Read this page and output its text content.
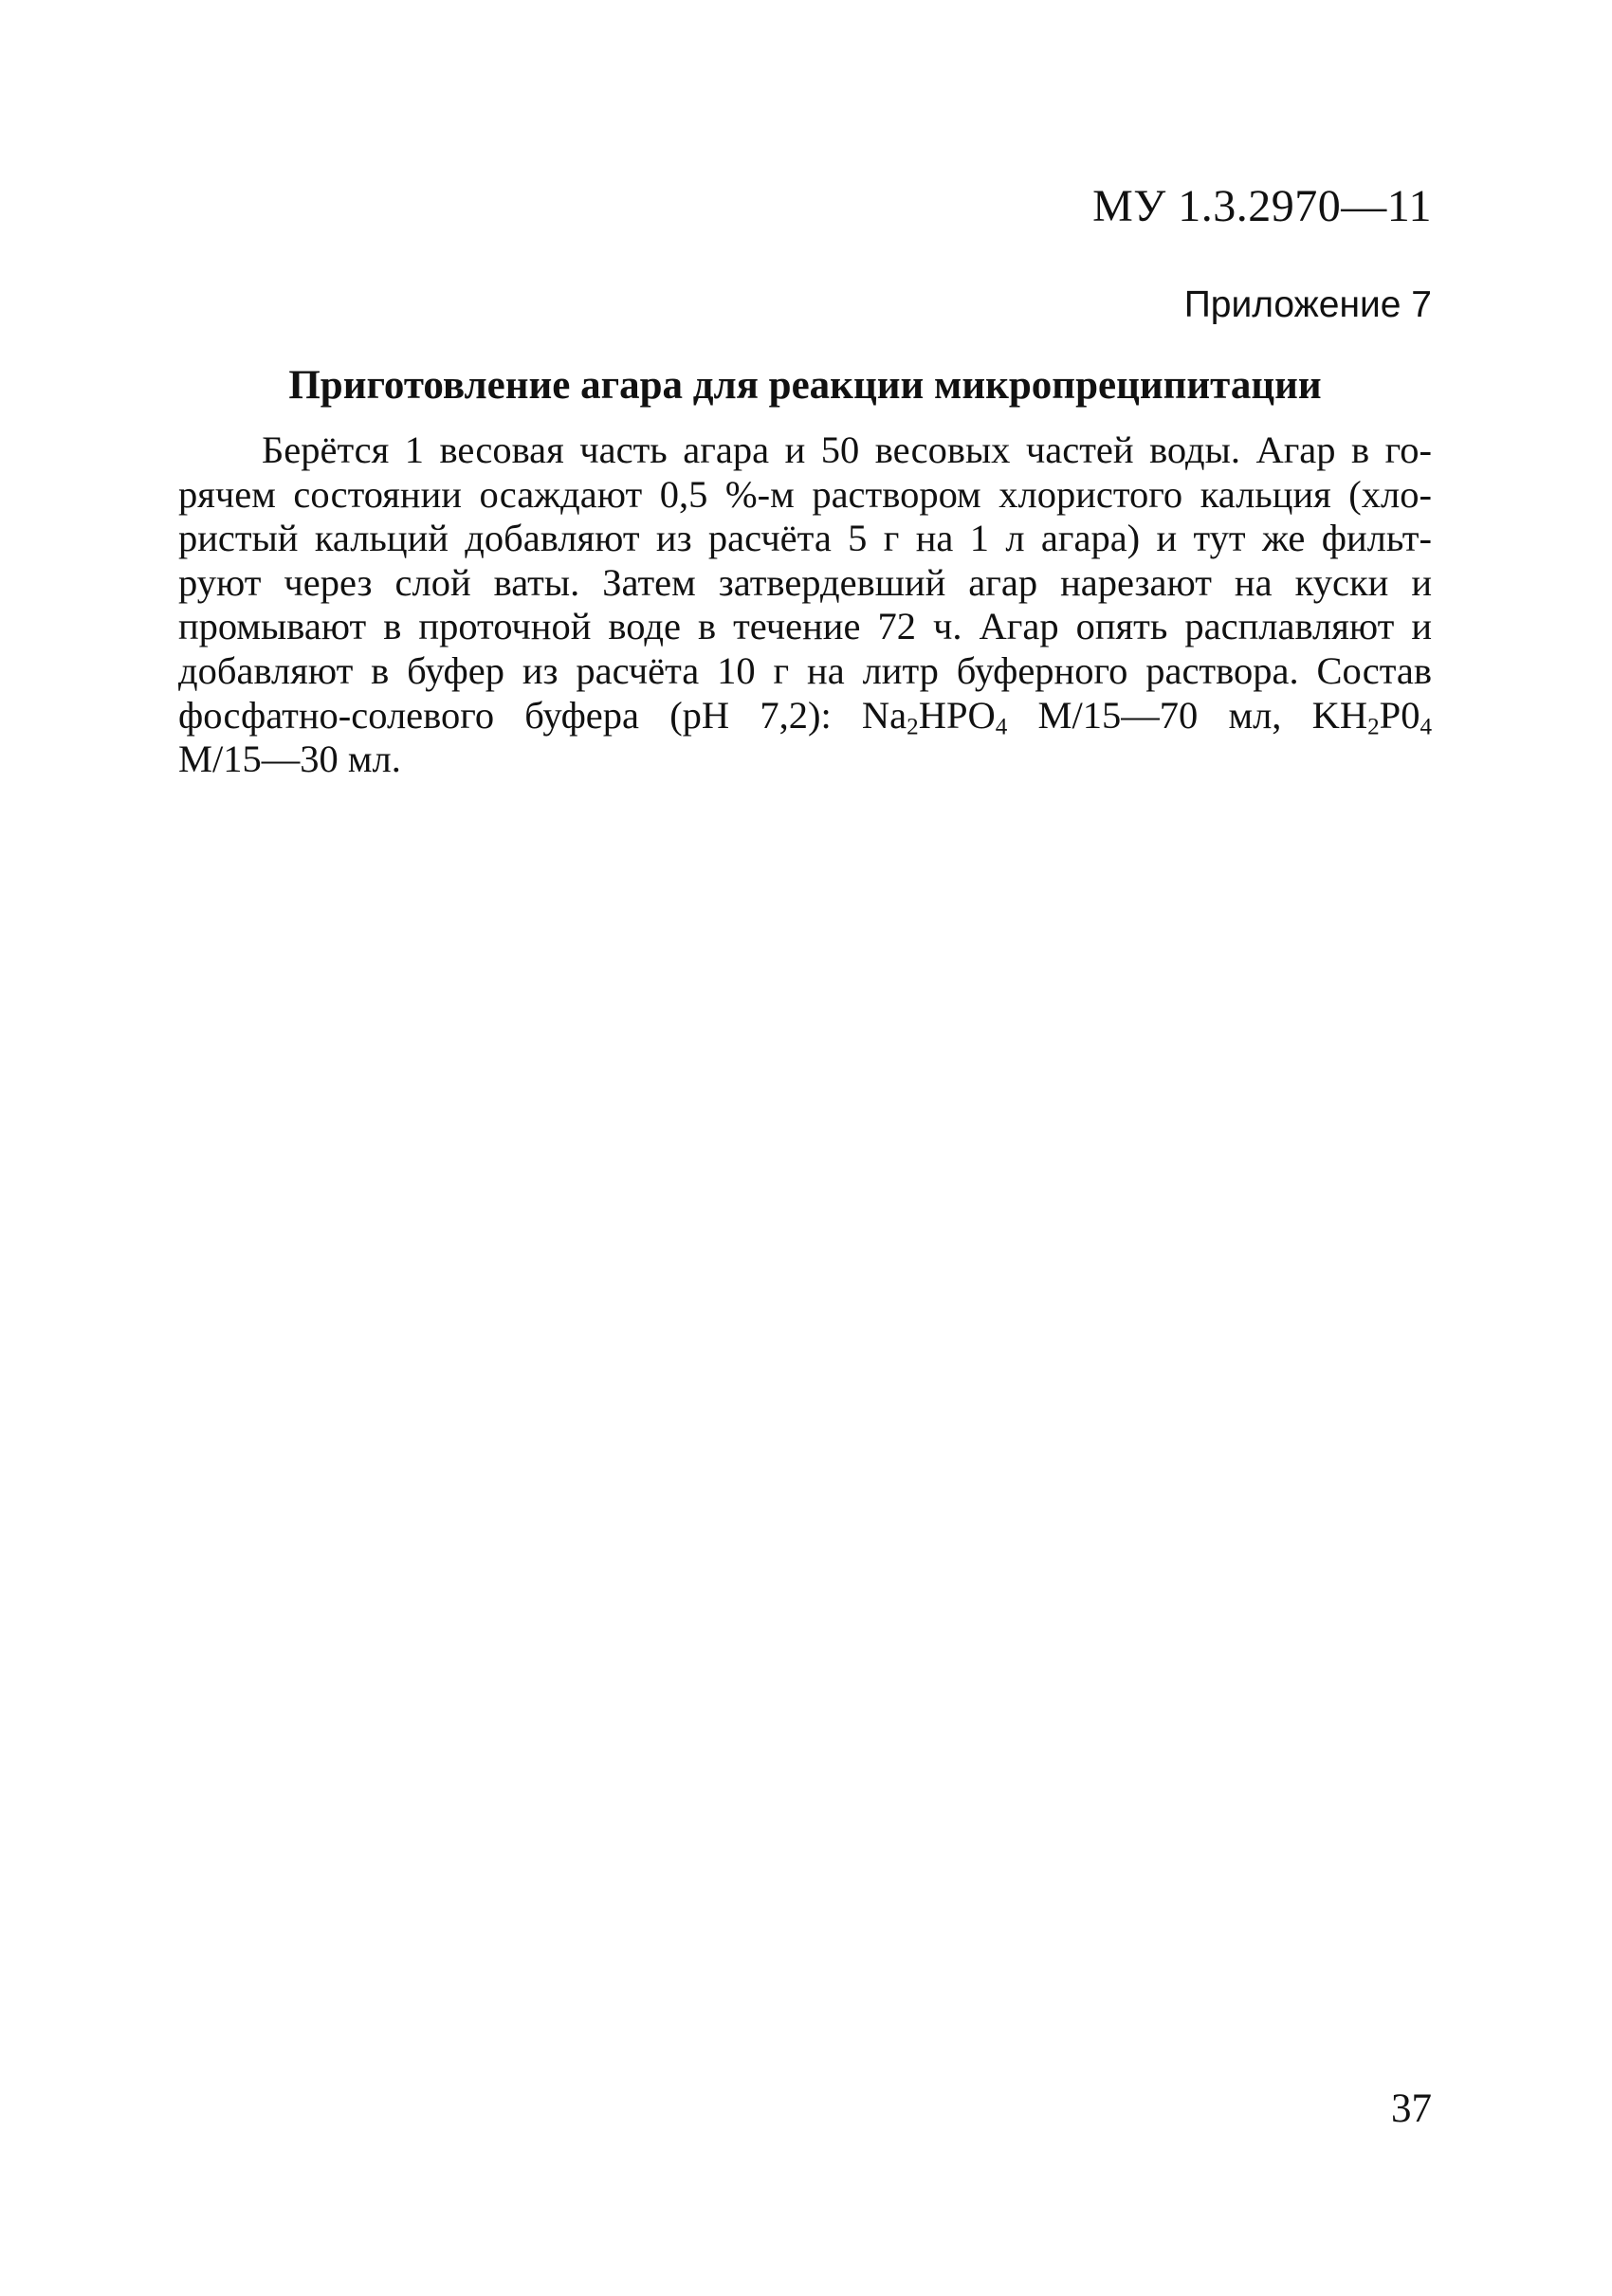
МУ 1.3.2970—11
Приложение 7
Приготовление агара для реакции микропреципитации
Берётся 1 весовая часть агара и 50 весовых частей воды. Агар в го-
рячем состоянии осаждают 0,5 %-м раствором хлористого кальция (хло-
ристый кальций добавляют из расчёта 5 г на 1 л агара) и тут же фильт-
руют через слой ваты. Затем затвердевший агар нарезают на куски и
промывают в проточной воде в течение 72 ч. Агар опять расплавляют и
добавляют в буфер из расчёта 10 г на литр буферного раствора. Состав
фосфатно-солевого буфера (pH 7,2): $Na_2HPO_4$ M/15—70 мл, $KH_2P0_4$
M/15—30 мл.
37
